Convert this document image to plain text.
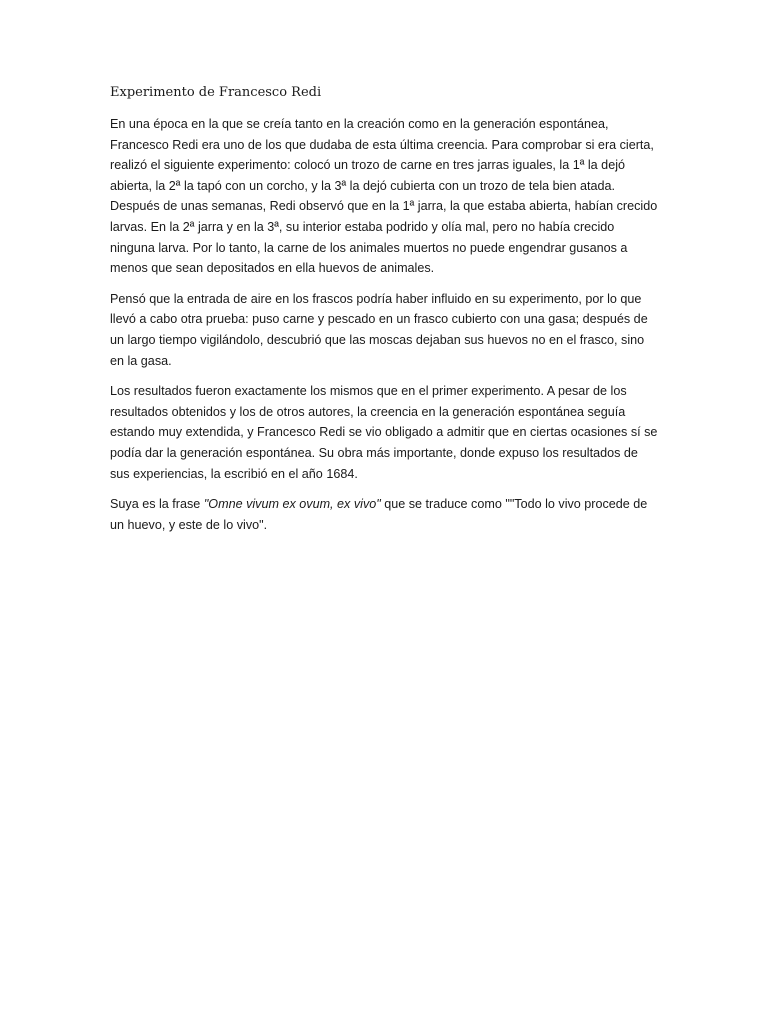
Experimento de Francesco Redi

En una época en la que se creía tanto en la creación como en la generación espontánea, Francesco Redi era uno de los que dudaba de esta última creencia. Para comprobar si era cierta, realizó el siguiente experimento: colocó un trozo de carne en tres jarras iguales, la 1ª la dejó abierta, la 2ª la tapó con un corcho, y la 3ª la dejó cubierta con un trozo de tela bien atada. Después de unas semanas, Redi observó que en la 1ª jarra, la que estaba abierta, habían crecido larvas. En la 2ª jarra y en la 3ª, su interior estaba podrido y olía mal, pero no había crecido ninguna larva. Por lo tanto, la carne de los animales muertos no puede engendrar gusanos a menos que sean depositados en ella huevos de animales.

Pensó que la entrada de aire en los frascos podría haber influido en su experimento, por lo que llevó a cabo otra prueba: puso carne y pescado en un frasco cubierto con una gasa; después de un largo tiempo vigilándolo, descubrió que las moscas dejaban sus huevos no en el frasco, sino en la gasa.

Los resultados fueron exactamente los mismos que en el primer experimento. A pesar de los resultados obtenidos y los de otros autores, la creencia en la generación espontánea seguía estando muy extendida, y Francesco Redi se vio obligado a admitir que en ciertas ocasiones sí se podía dar la generación espontánea. Su obra más importante, donde expuso los resultados de sus experiencias, la escribió en el año 1684.

Suya es la frase "Omne vivum ex ovum, ex vivo" que se traduce como ""Todo lo vivo procede de un huevo, y este de lo vivo".
